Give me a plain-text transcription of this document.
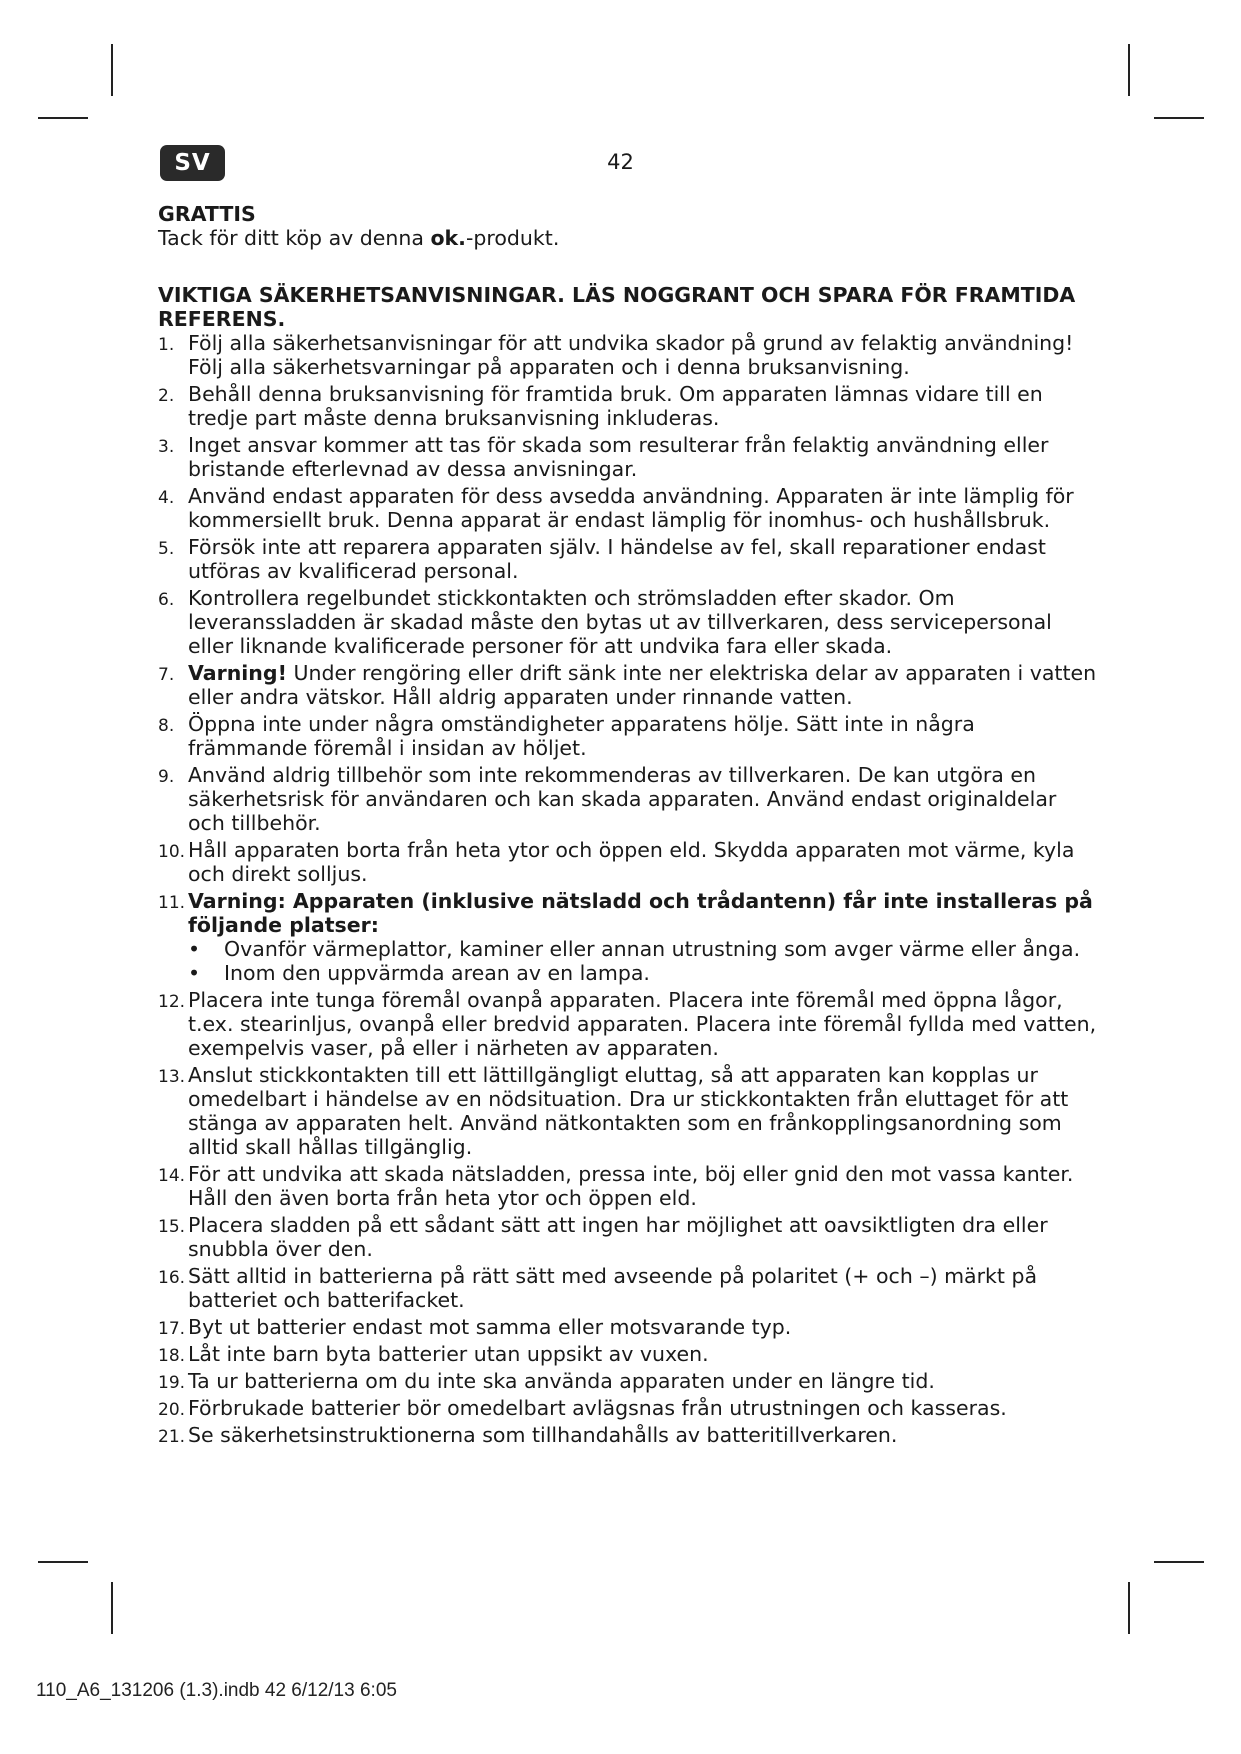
SV	42
GRATTIS
Tack för ditt köp av denna ok.-produkt.
VIKTIGA SÄKERHETSANVISNINGAR. LÄS NOGGRANT OCH SPARA FÖR FRAMTIDA REFERENS.
1. Följ alla säkerhetsanvisningar för att undvika skador på grund av felaktig användning! Följ alla säkerhetsvarningar på apparaten och i denna bruksanvisning.
2. Behåll denna bruksanvisning för framtida bruk. Om apparaten lämnas vidare till en tredje part måste denna bruksanvisning inkluderas.
3. Inget ansvar kommer att tas för skada som resulterar från felaktig användning eller bristande efterlevnad av dessa anvisningar.
4. Använd endast apparaten för dess avsedda användning. Apparaten är inte lämplig för kommersiellt bruk. Denna apparat är endast lämplig för inomhus- och hushållsbruk.
5. Försök inte att reparera apparaten själv. I händelse av fel, skall reparationer endast utföras av kvalificerad personal.
6. Kontrollera regelbundet stickkontakten och strömsladden efter skador. Om leveranssladden är skadad måste den bytas ut av tillverkaren, dess servicepersonal eller liknande kvalificerade personer för att undvika fara eller skada.
7. Varning! Under rengöring eller drift sänk inte ner elektriska delar av apparaten i vatten eller andra vätskor. Håll aldrig apparaten under rinnande vatten.
8. Öppna inte under några omständigheter apparatens hölje. Sätt inte in några främmande föremål i insidan av höljet.
9. Använd aldrig tillbehör som inte rekommenderas av tillverkaren. De kan utgöra en säkerhetsrisk för användaren och kan skada apparaten. Använd endast originaldelar och tillbehör.
10. Håll apparaten borta från heta ytor och öppen eld. Skydda apparaten mot värme, kyla och direkt solljus.
11. Varning: Apparaten (inklusive nätsladd och trådantenn) får inte installeras på följande platser:
• Ovanför värmeplattor, kaminer eller annan utrustning som avger värme eller ånga.
• Inom den uppvärmda arean av en lampa.
12. Placera inte tunga föremål ovanpå apparaten. Placera inte föremål med öppna lågor, t.ex. stearinljus, ovanpå eller bredvid apparaten. Placera inte föremål fyllda med vatten, exempelvis vaser, på eller i närheten av apparaten.
13. Anslut stickkontakten till ett lättillgängligt eluttag, så att apparaten kan kopplas ur omedelbart i händelse av en nödsituation. Dra ur stickkontakten från eluttaget för att stänga av apparaten helt. Använd nätkontakten som en frånkopplingsanordning som alltid skall hållas tillgänglig.
14. För att undvika att skada nätsladden, pressa inte, böj eller gnid den mot vassa kanter. Håll den även borta från heta ytor och öppen eld.
15. Placera sladden på ett sådant sätt att ingen har möjlighet att oavsiktligten dra eller snubbla över den.
16. Sätt alltid in batterierna på rätt sätt med avseende på polaritet (+ och –) märkt på batteriet och batterifacket.
17. Byt ut batterier endast mot samma eller motsvarande typ.
18. Låt inte barn byta batterier utan uppsikt av vuxen.
19. Ta ur batterierna om du inte ska använda apparaten under en längre tid.
20. Förbrukade batterier bör omedelbart avlägsnas från utrustningen och kasseras.
21. Se säkerhetsinstruktionerna som tillhandahålls av batteritillverkaren.
110_A6_131206 (1.3).indb 42 6/12/13 6:05
